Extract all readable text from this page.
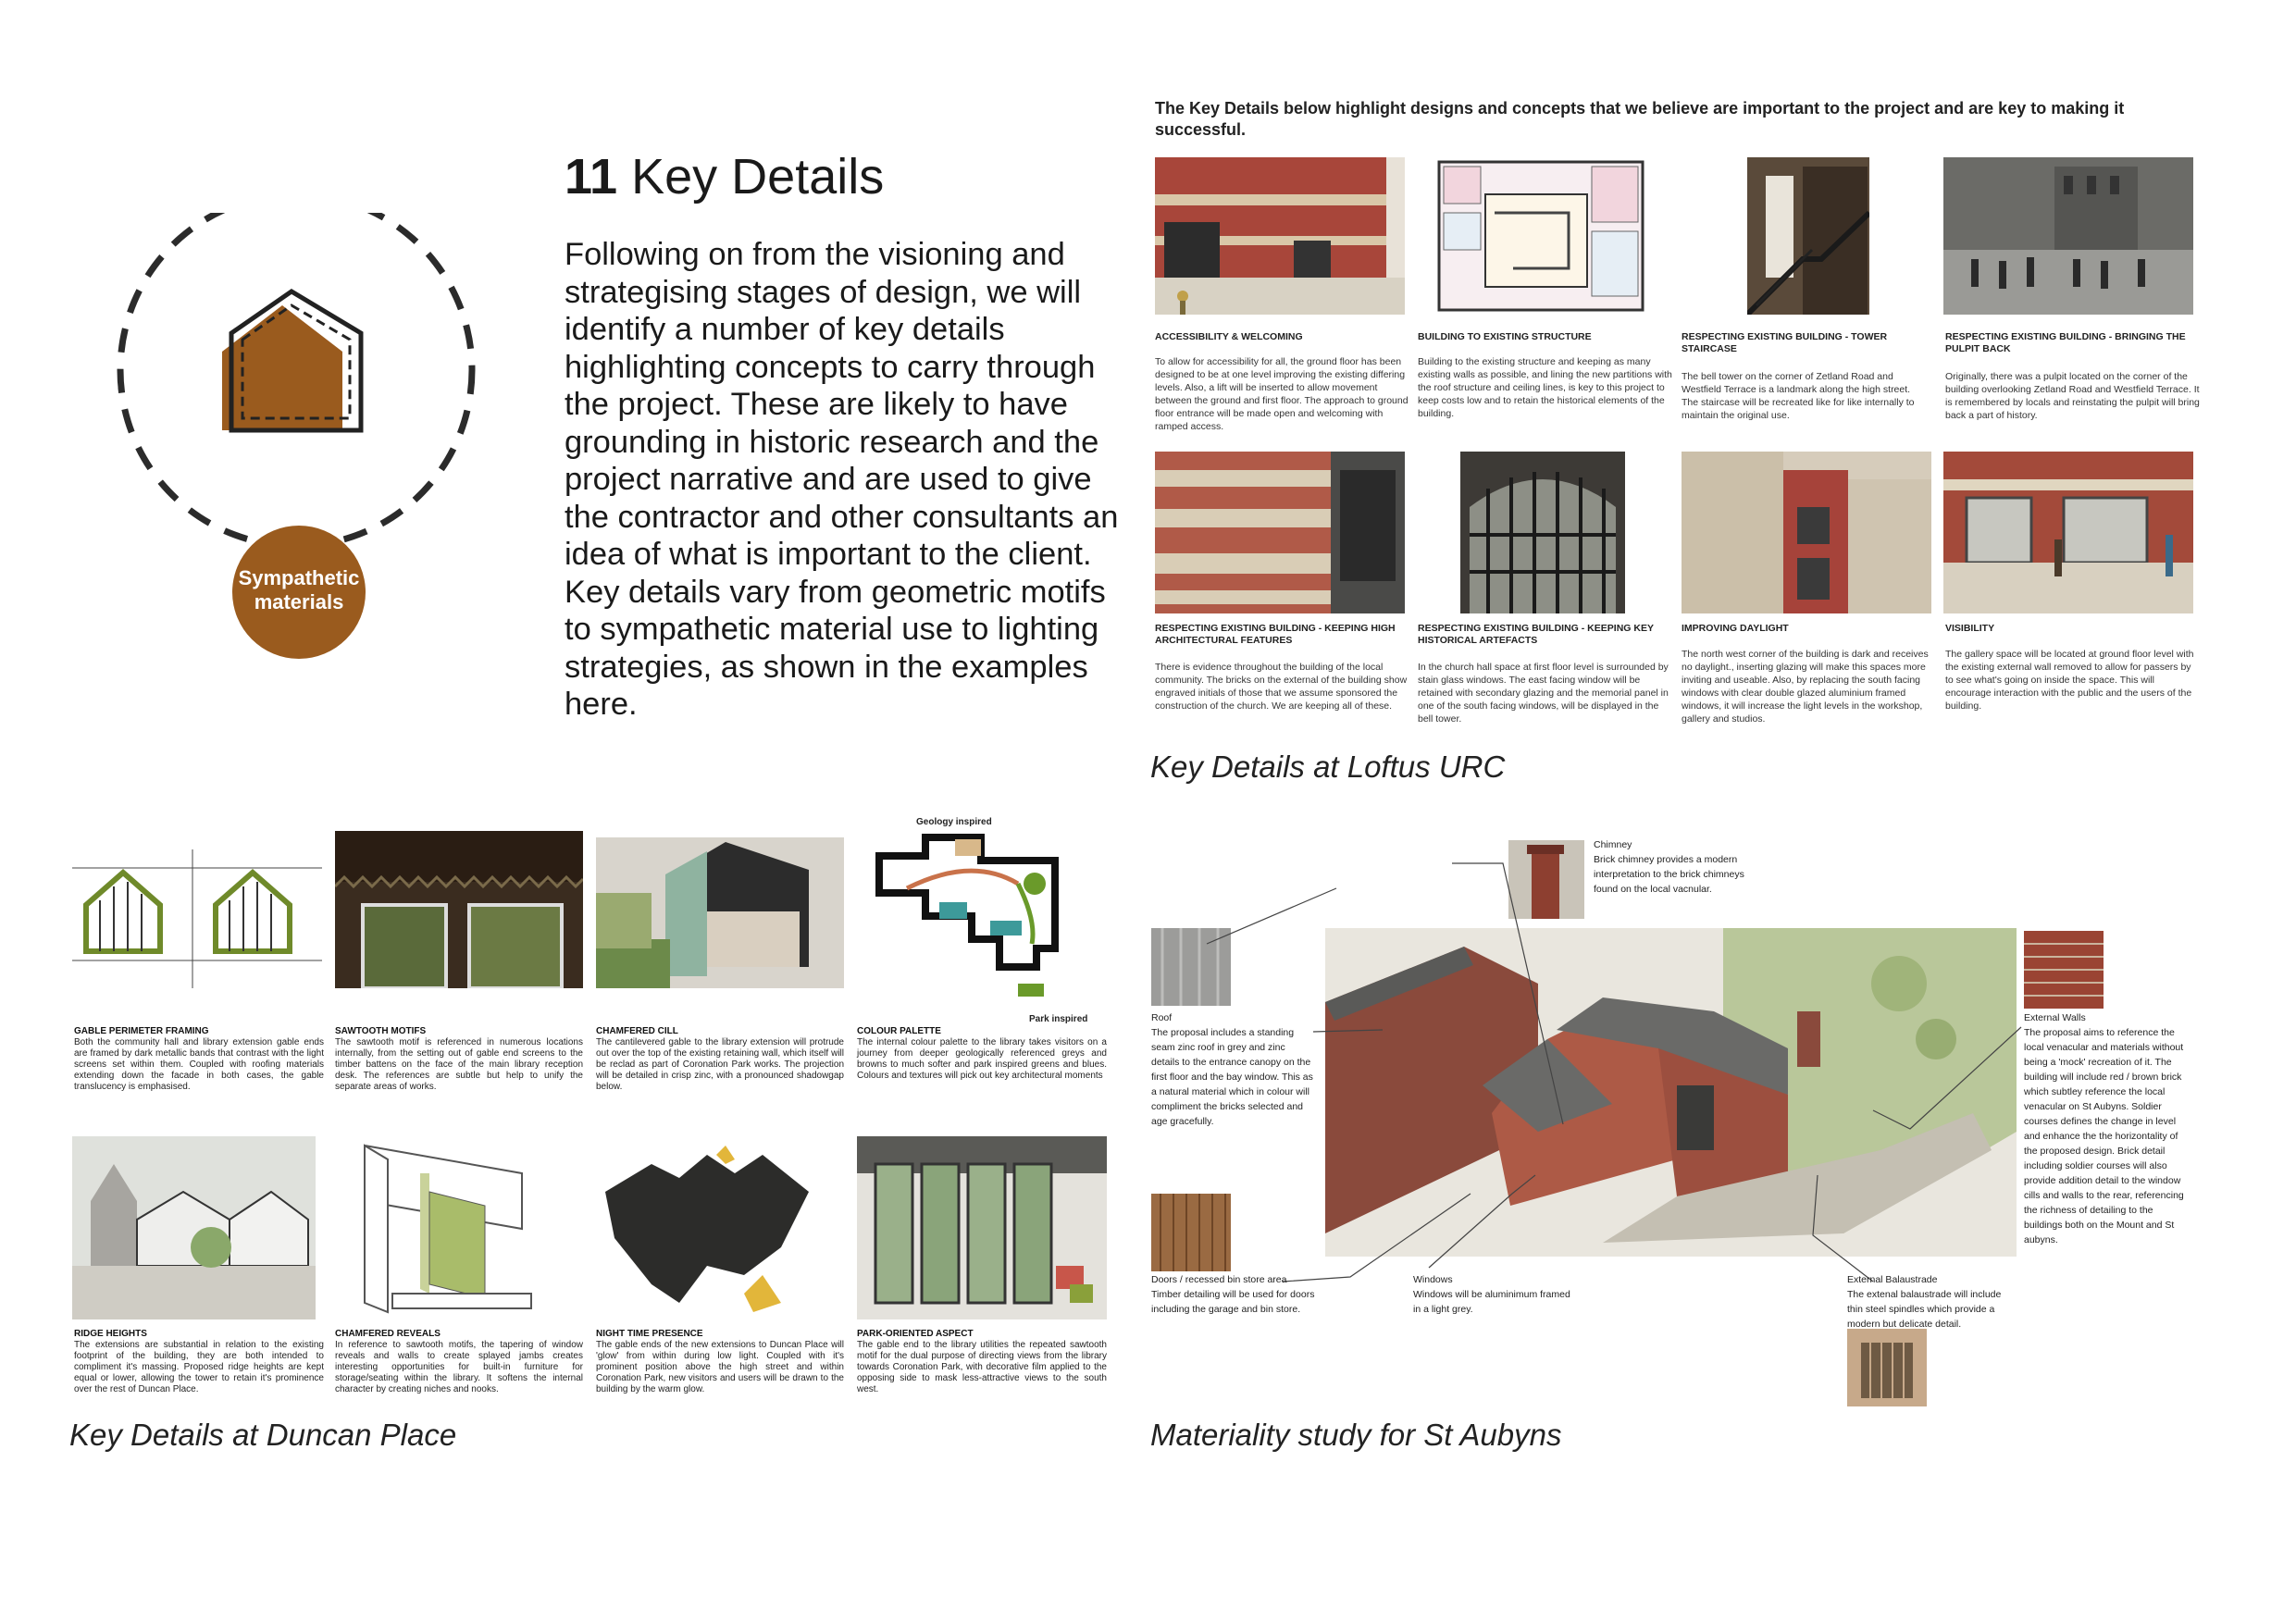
Sympathetic
materials
11 Key Details
Following on from the visioning and strategising stages of design, we will identify a number of key details highlighting concepts to carry through the project. These are likely to have grounding in historic research and the project narrative and are used to give the contractor and other consultants an idea of what is important to the client. Key details vary from geometric motifs to sympathetic material use to lighting strategies, as shown in the examples here.
The Key Details below highlight designs and concepts that we believe are important to the project and are key to making it successful.
ACCESSIBILITY & WELCOMING
To allow for accessibility for all, the ground floor has been designed to be at one level improving the existing differing levels. Also, a lift will be inserted to allow movement between the ground and first floor. The approach to ground floor entrance will be made open and welcoming with ramped access.
BUILDING TO EXISTING STRUCTURE
Building to the existing structure and keeping as many existing walls as possible, and lining the new partitions with the roof structure and ceiling lines, is key to this project to keep costs low and to retain the historical elements of the building.
RESPECTING EXISTING BUILDING - TOWER STAIRCASE
The bell tower on the corner of Zetland Road and Westfield Terrace is a landmark along the high street. The staircase will be recreated like for like internally to maintain the original use.
RESPECTING EXISTING BUILDING - BRINGING THE PULPIT BACK
Originally, there was a pulpit located on the corner of the building overlooking Zetland Road and Westfield Terrace. It is remembered by locals and reinstating the pulpit will bring back a part of history.
RESPECTING EXISTING BUILDING - KEEPING HIGH ARCHITECTURAL FEATURES
There is evidence throughout the building of the local community. The bricks on the external of the building show engraved initials of those that we assume sponsored the construction of the church. We are keeping all of these.
RESPECTING EXISTING BUILDING - KEEPING KEY HISTORICAL ARTEFACTS
In the church hall space at first floor level is surrounded by stain glass windows. The east facing window will be retained with secondary glazing and the memorial panel in one of the south facing windows, will be displayed in the bell tower.
IMPROVING DAYLIGHT
The north west corner of the building is dark and receives no daylight., inserting glazing will make this spaces more inviting and useable. Also, by replacing the south facing windows with clear double glazed aluminium framed windows, it will increase the light levels in the workshop, gallery and studios.
VISIBILITY
The gallery space will be located at ground floor level with the existing external wall removed to allow for passers by to see what's going on inside the space. This will encourage interaction with the public and the users of the building.
Key Details at Loftus URC
Geology inspired
Park inspired
GABLE PERIMETER FRAMING
Both the community hall and library extension gable ends are framed by dark metallic bands that contrast with the light screens set within them. Coupled with roofing materials extending down the facade in both cases, the gable translucency is emphasised.
SAWTOOTH MOTIFS
The sawtooth motif is referenced in numerous locations internally, from the setting out of gable end screens to the timber battens on the face of the main library reception desk. The references are subtle but help to unify the separate areas of works.
CHAMFERED CILL
The cantilevered gable to the library extension will protrude out over the top of the existing retaining wall, which itself will be reclad as part of Coronation Park works. The projection will be detailed in crisp zinc, with a pronounced shadowgap below.
COLOUR PALETTE
The internal colour palette to the library takes visitors on a journey from deeper geologically referenced greys and browns to much softer and park inspired greens and blues. Colours and textures will pick out key architectural moments
RIDGE HEIGHTS
The extensions are substantial in relation to the existing footprint of the building, they are both intended to compliment it's massing. Proposed ridge heights are kept equal or lower, allowing the tower to retain it's prominence over the rest of Duncan Place.
CHAMFERED REVEALS
In reference to sawtooth motifs, the tapering of window reveals and walls to create splayed jambs creates interesting opportunities for built-in furniture for storage/seating within the library. It softens the internal character by creating niches and nooks.
NIGHT TIME PRESENCE
The gable ends of the new extensions to Duncan Place will 'glow' from within during low light. Coupled with it's prominent position above the high street and within Coronation Park, new visitors and users will be drawn to the building by the warm glow.
PARK-ORIENTED ASPECT
The gable end to the library utilities the repeated sawtooth motif for the dual purpose of directing views from the library towards Coronation Park, with decorative film applied to the opposing side to mask less-attractive views to the south west.
Key Details at Duncan Place
Chimney
Brick chimney provides a modern interpretation to the brick chimneys found on the local vacnular.
Roof
The proposal includes a standing seam zinc roof in grey and zinc details to the entrance canopy on the first floor and the bay window. This as a natural material which in colour will compliment the bricks selected and age gracefully.
External Walls
The proposal aims to reference the local venacular and materials without being a 'mock' recreation of it. The building will include red / brown brick which subtley reference the local venacular on St Aubyns. Soldier courses defines the change in level and enhance the the horizontality of the proposed design. Brick detail including soldier courses will also provide addition detail to the window cills and walls to the rear, referencing the richness of detailing to the buildings both on the Mount and St aubyns.
Doors / recessed bin store area
Timber detailing will be used for doors including the garage and bin store.
Windows
Windows will be aluminimum framed in a light grey.
External Balaustrade
The extenal balaustrade will include thin steel spindles which provide a modern but delicate detail.
Materiality study for St Aubyns
